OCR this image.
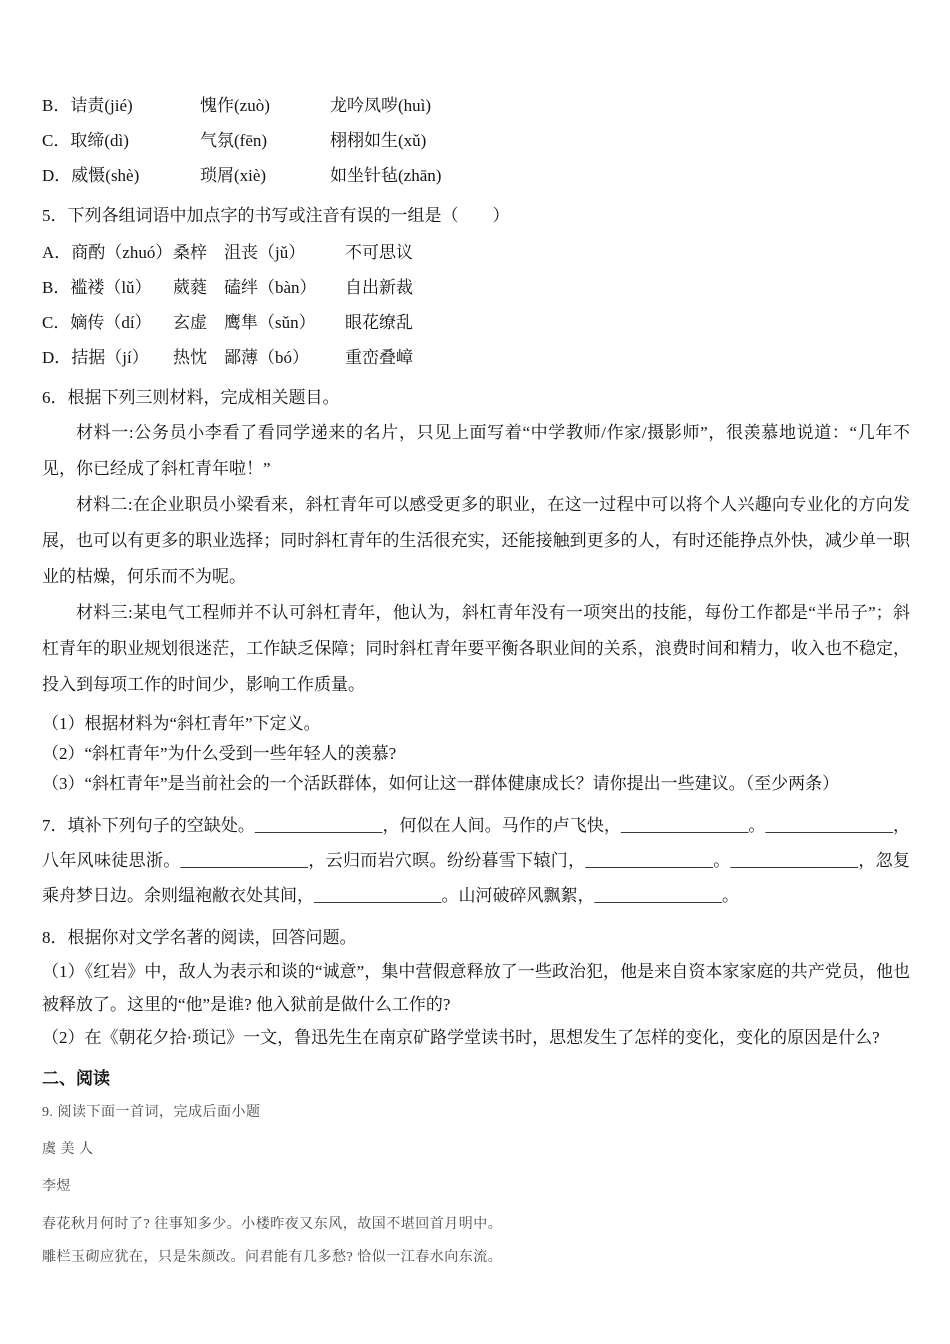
B．诘责(jié)	愧作(zuò)	龙吟凤哕(huì)
C．取缔(dì)	气氛(fēn)	栩栩如生(xǔ)
D．威慑(shè)	琐屑(xiè)	如坐针毡(zhān)
5．下列各组词语中加点字的书写或注音有误的一组是（　　）
A．商酌（zhuó） 桑梓　沮丧（jǔ）	不可思议
B．褴褛（lǔ）	葳蕤　磕绊（bàn）	自出新裁
C．嫡传（dí）	玄虚　鹰隼（sǔn）	眼花缭乱
D．拮据（jí）	热忱　鄙薄（bó）	重峦叠嶂
6．根据下列三则材料，完成相关题目。

材料一:公务员小李看了看同学递来的名片，只见上面写着“中学教师/作家/摄影师”，很羡慕地说道：“几年不见，你已经成了斜杠青年啦！”

材料二:在企业职员小梁看来，斜杠青年可以感受更多的职业，在这一过程中可以将个人兴趣向专业化的方向发展，也可以有更多的职业选择；同时斜杠青年的生活很充实，还能接触到更多的人，有时还能挣点外快，减少单一职业的枯燥，何乐而不为呢。

材料三:某电气工程师并不认可斜杠青年，他认为，斜杠青年没有一项突出的技能，每份工作都是“半吊子”；斜杠青年的职业规划很迷茫，工作缺乏保障；同时斜杠青年要平衡各职业间的关系，浪费时间和精力，收入也不稳定，投入到每项工作的时间少，影响工作质量。

（1）根据材料为“斜杠青年”下定义。
（2）“斜杠青年”为什么受到一些年轻人的羡慕?
（3）“斜杠青年”是当前社会的一个活跃群体，如何让这一群体健康成长？请你提出一些建议。（至少两条）

7．填补下列句子的空缺处。_______________，何似在人间。马作的卢飞快，_______________。_______________，八年风味徒思浙。_______________，云归而岩穴暝。纷纷暮雪下辕门，_______________。_______________，忽复乘舟梦日边。余则缊袍敝衣处其间，_______________。山河破碎风飘絮，_______________。

8．根据你对文学名著的阅读，回答问题。

（1）《红岩》中，敌人为表示和谈的“诚意”，集中营假意释放了一些政治犯，他是来自资本家家庭的共产党员，他也被释放了。这里的“他”是谁? 他入狱前是做什么工作的?

（2）在《朝花夕拾·琐记》一文，鲁迅先生在南京矿路学堂读书时，思想发生了怎样的变化，变化的原因是什么?

二、阅读
9. 阅读下面一首词，完成后面小题
虞 美 人
李煜
春花秋月何时了? 往事知多少。小楼昨夜又东风，故国不堪回首月明中。
雕栏玉砌应犹在，只是朱颜改。问君能有几多愁? 恰似一江春水向东流。
